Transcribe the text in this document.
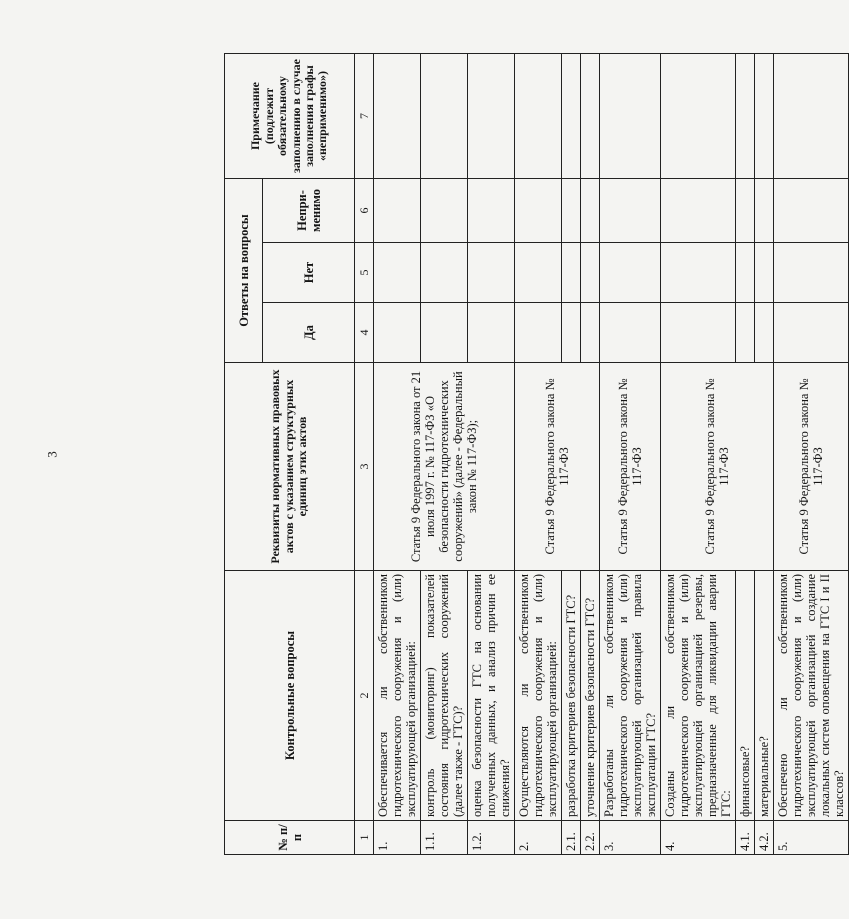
3
№ п/п	Контрольные вопросы	Реквизиты нормативных правовых актов с указанием структурных единиц этих актов	Ответы на вопросы			Примечание (подлежит обязательному заполнению в случае заполнения графы «неприменимо»)
			Да	Нет	Непри-менимо	
1	2	3	4	5	6	7
1.	Обеспечивается ли собственником гидротехнического сооружения и (или) эксплуатирующей организацией:	Статья 9 Федерального закона от 21 июля 1997 г. № 117-ФЗ «О безопасности гидротехнических сооружений» (далее - Федеральный закон № 117-ФЗ);				
1.1.	контроль (мониторинг) показателей состояния гидротехнических сооружений (далее также - ГТС)?					
1.2.	оценка безопасности ГТС на основании полученных данных, и анализ причин ее снижения?					
2.	Осуществляются ли собственником гидротехнического сооружения и (или) эксплуатирующей организацией:	Статья 9 Федерального закона № 117-ФЗ				
2.1.	разработка критериев безопасности ГТС?					
2.2.	уточнение критериев безопасности ГТС?					
3.	Разработаны ли собственником гидротехнического сооружения и (или) эксплуатирующей организацией правила эксплуатации ГТС?	Статья 9 Федерального закона № 117-ФЗ				
4.	Созданы ли собственником гидротехнического сооружения и (или) эксплуатирующей организацией резервы, предназначенные для ликвидации аварии ГТС:	Статья 9 Федерального закона № 117-ФЗ				
4.1.	финансовые?					
4.2.	материальные?					
5.	Обеспечено ли собственником гидротехнического сооружения и (или) эксплуатирующей организацией создание локальных систем оповещения на ГТС I и II классов?	Статья 9 Федерального закона № 117-ФЗ				
